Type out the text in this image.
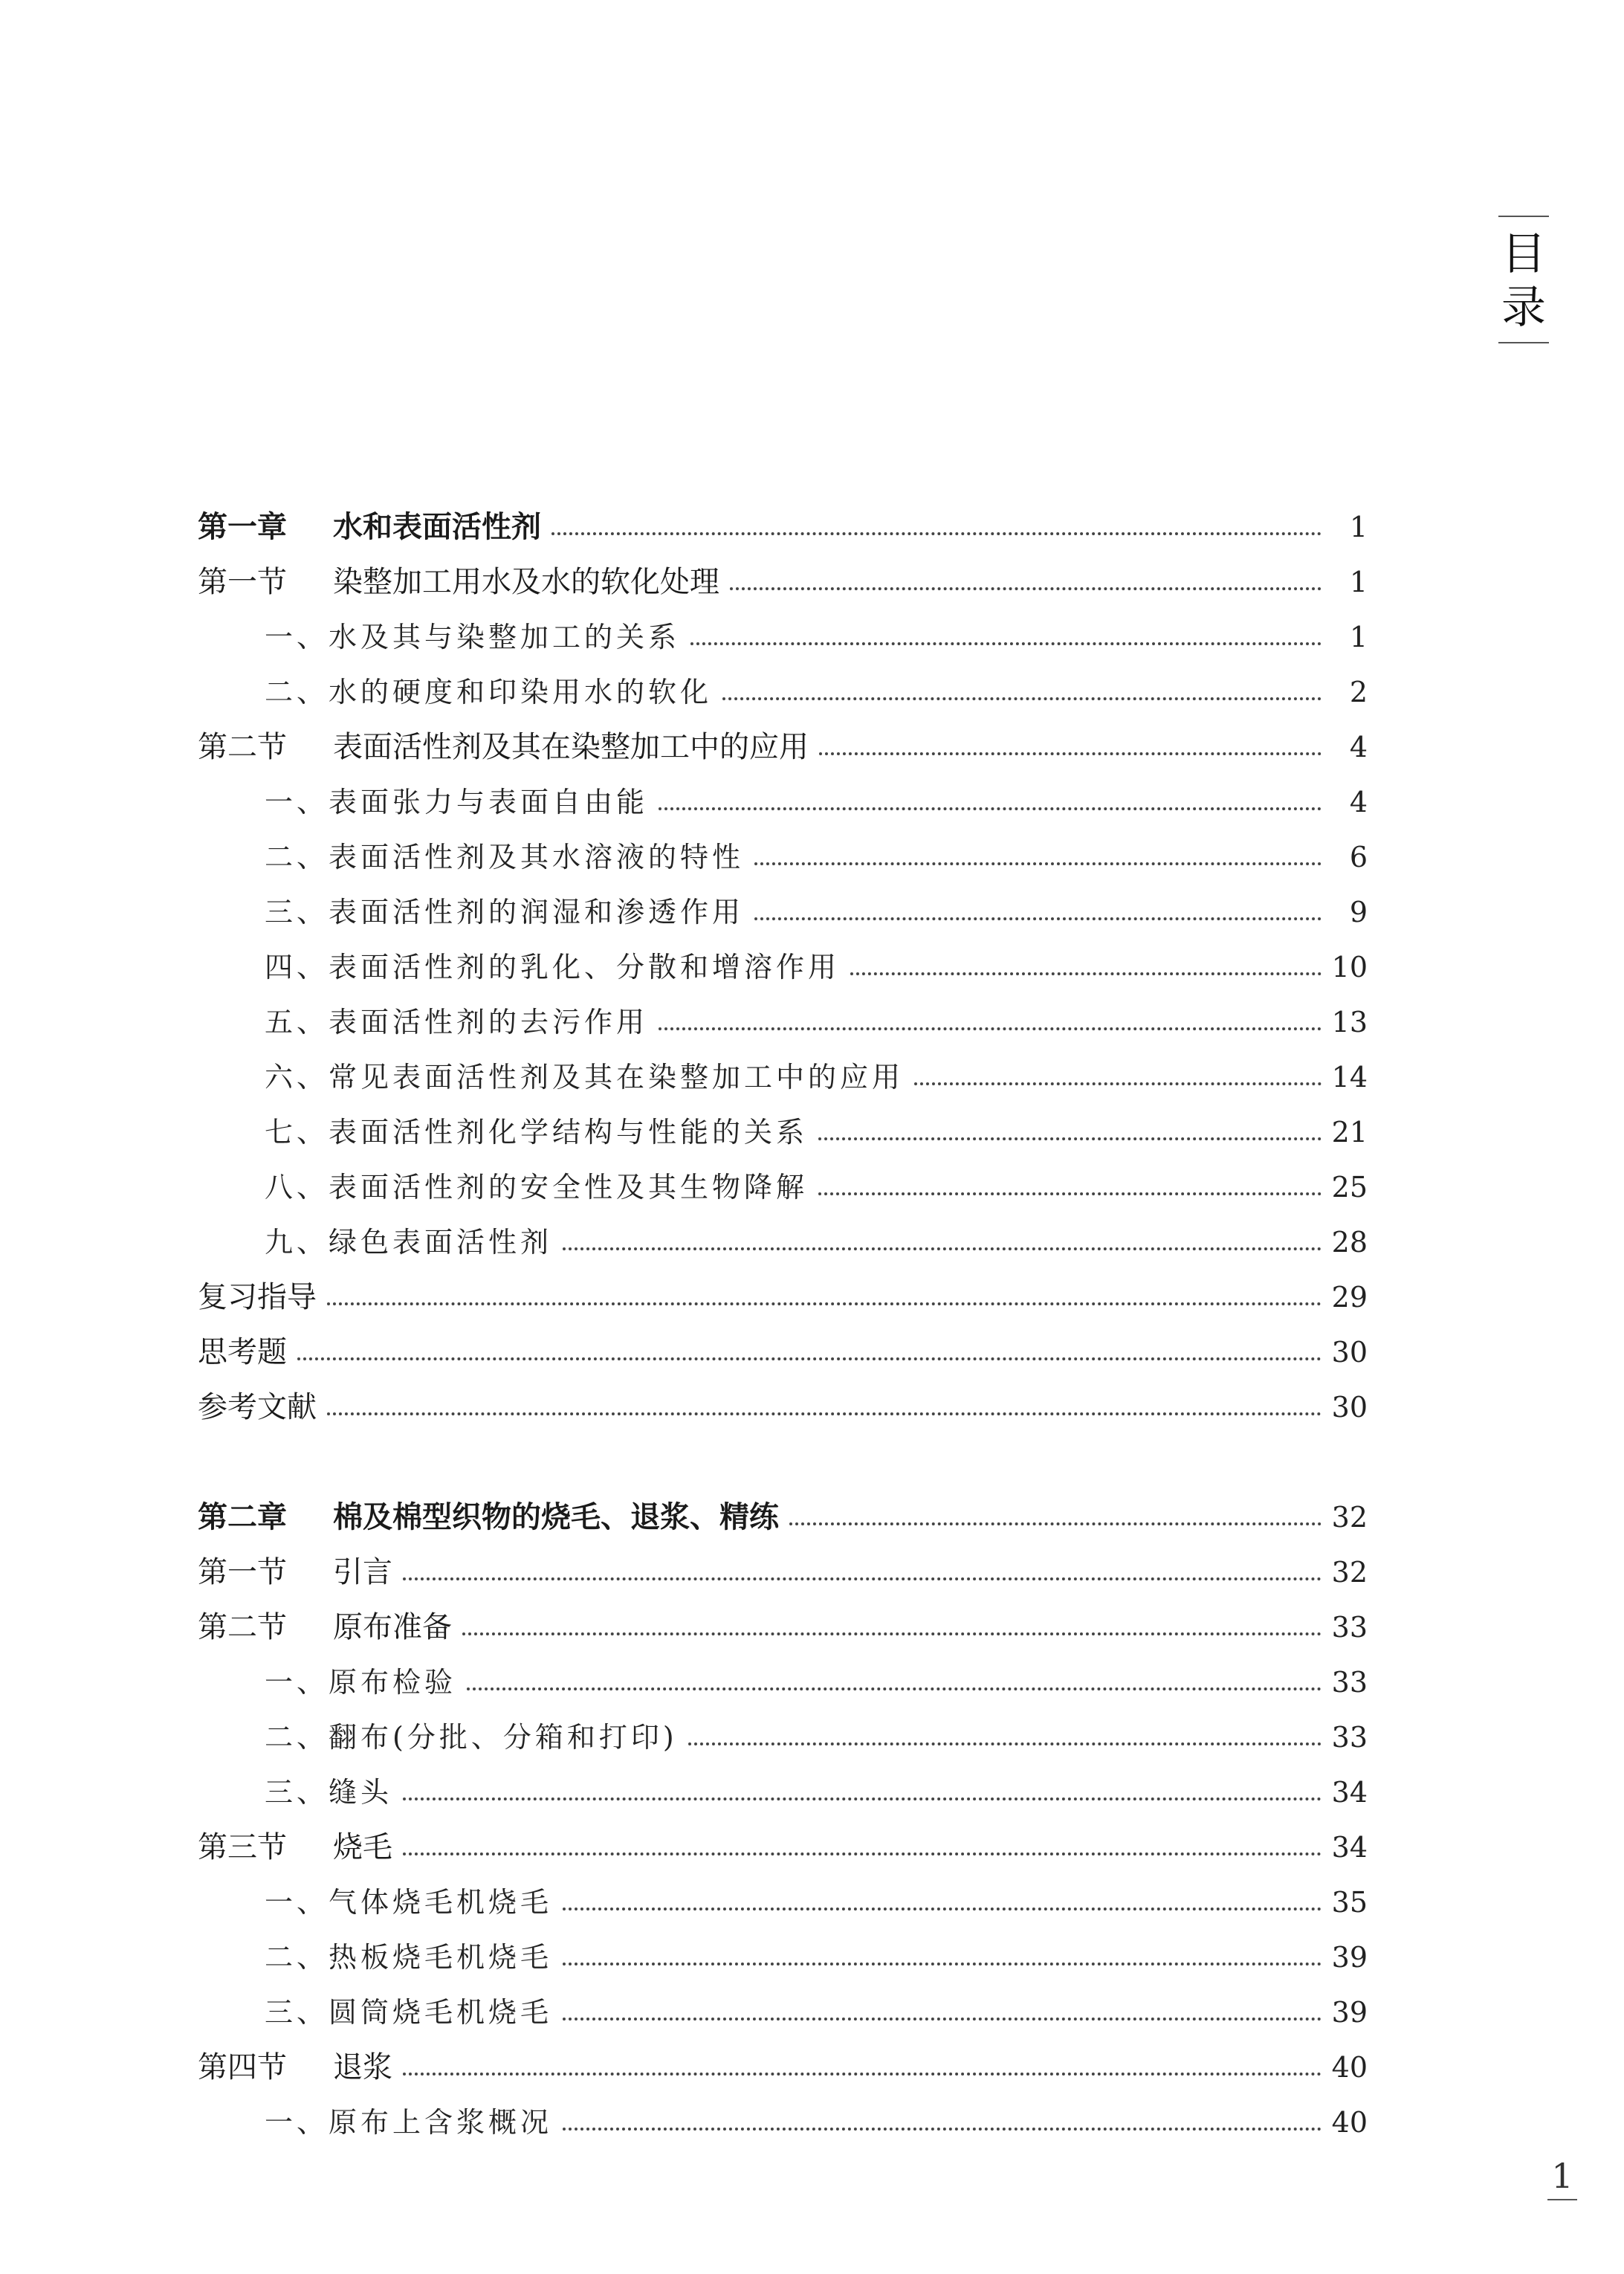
目
录
第一章	水和表面活性剂	1
第一节	染整加工用水及水的软化处理	1
一、水及其与染整加工的关系	1
二、水的硬度和印染用水的软化	2
第二节	表面活性剂及其在染整加工中的应用	4
一、表面张力与表面自由能	4
二、表面活性剂及其水溶液的特性	6
三、表面活性剂的润湿和渗透作用	9
四、表面活性剂的乳化、分散和增溶作用	10
五、表面活性剂的去污作用	13
六、常见表面活性剂及其在染整加工中的应用	14
七、表面活性剂化学结构与性能的关系	21
八、表面活性剂的安全性及其生物降解	25
九、绿色表面活性剂	28
复习指导	29
思考题	30
参考文献	30
第二章	棉及棉型织物的烧毛、退浆、精练	32
第一节	引言	32
第二节	原布准备	33
一、原布检验	33
二、翻布(分批、分箱和打印)	33
三、缝头	34
第三节	烧毛	34
一、气体烧毛机烧毛	35
二、热板烧毛机烧毛	39
三、圆筒烧毛机烧毛	39
第四节	退浆	40
一、原布上含浆概况	40
1
